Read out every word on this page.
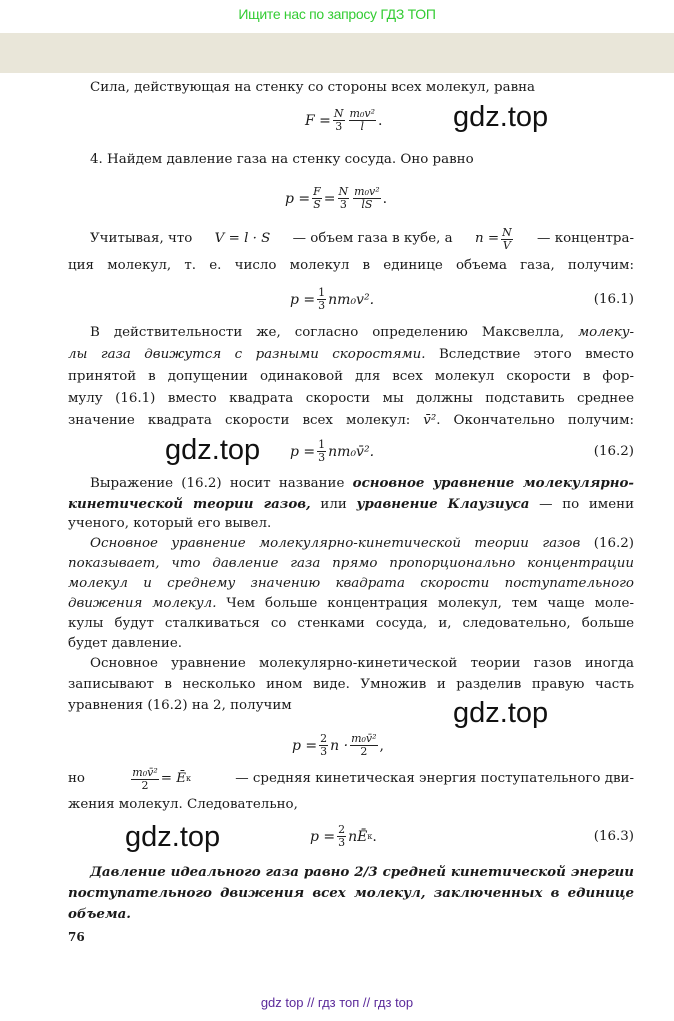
Ищите нас по запросу ГДЗ ТОП
Сила, действующая на стенку со стороны всех молекул, равна
$F = \frac{N}{3} \frac{\text{m₀v²}}{l}$ . gdz.top
4. Найдем давление газа на стенку сосуда. Оно равно
$p = \frac{F}{S} = \frac{N}{3} \frac{\text{m₀v²}}{lS}$ .
Учитывая, что V = l · S — объем газа в кубе, а $n = \frac{N}{V}$ — концентра-
ция молекул, т. е. число молекул в единице объема газа, получим:
$p = \frac{1}{3} nm_0v^2$.	(16.1)
В действительности же, согласно определению Максвелла, молеку-
лы газа движутся с разными скоростями. Вследствие этого вместо
принятой в допущении одинаковой для всех молекул скорости в фор-
мулу (16.1) вместо квадрата скорости мы должны подставить среднее
значение квадрата скорости всех молекул: v̄². Окончательно получим:
gdz.top $p = \frac{1}{3}$ nm₀v̄².	(16.2)
Выражение (16.2) носит название основное уравнение молекулярно-
кинетической теории газов, или уравнение Клаузиуса — по имени
ученого, который его вывел.
Основное уравнение молекулярно-кинетической теории газов (16.2)
показывает, что давление газа прямо пропорционально концентрации
молекул и среднему значению квадрата скорости поступательного
движения молекул. Чем больше концентрация молекул, тем чаще моле-
кулы будут сталкиваться со стенками сосуда, и, следовательно, больше
будет давление.
Основное уравнение молекулярно-кинетической теории газов иногда
записывают в несколько ином виде. Умножив и разделив правую часть
уравнения (16.2) на 2, получим	gdz.top
$p = \frac{2}{3}$ $n \cdot \frac{\text{m₀v̄²}}{2}$ ,
но	$\frac{\text{m₀v̄²}}{2}$ = Ē к	— средняя кинетическая энергия поступательного дви-
жения молекул. Следовательно,
gdz.top	$p = \frac{2}{3}$ nĒ к .	(16.3)
Давление идеального газа равно 2/3 средней кинетической энергии
поступательного движения всех молекул, заключенных в единице
объема.
76
gdz top // гдз топ // гдз top
